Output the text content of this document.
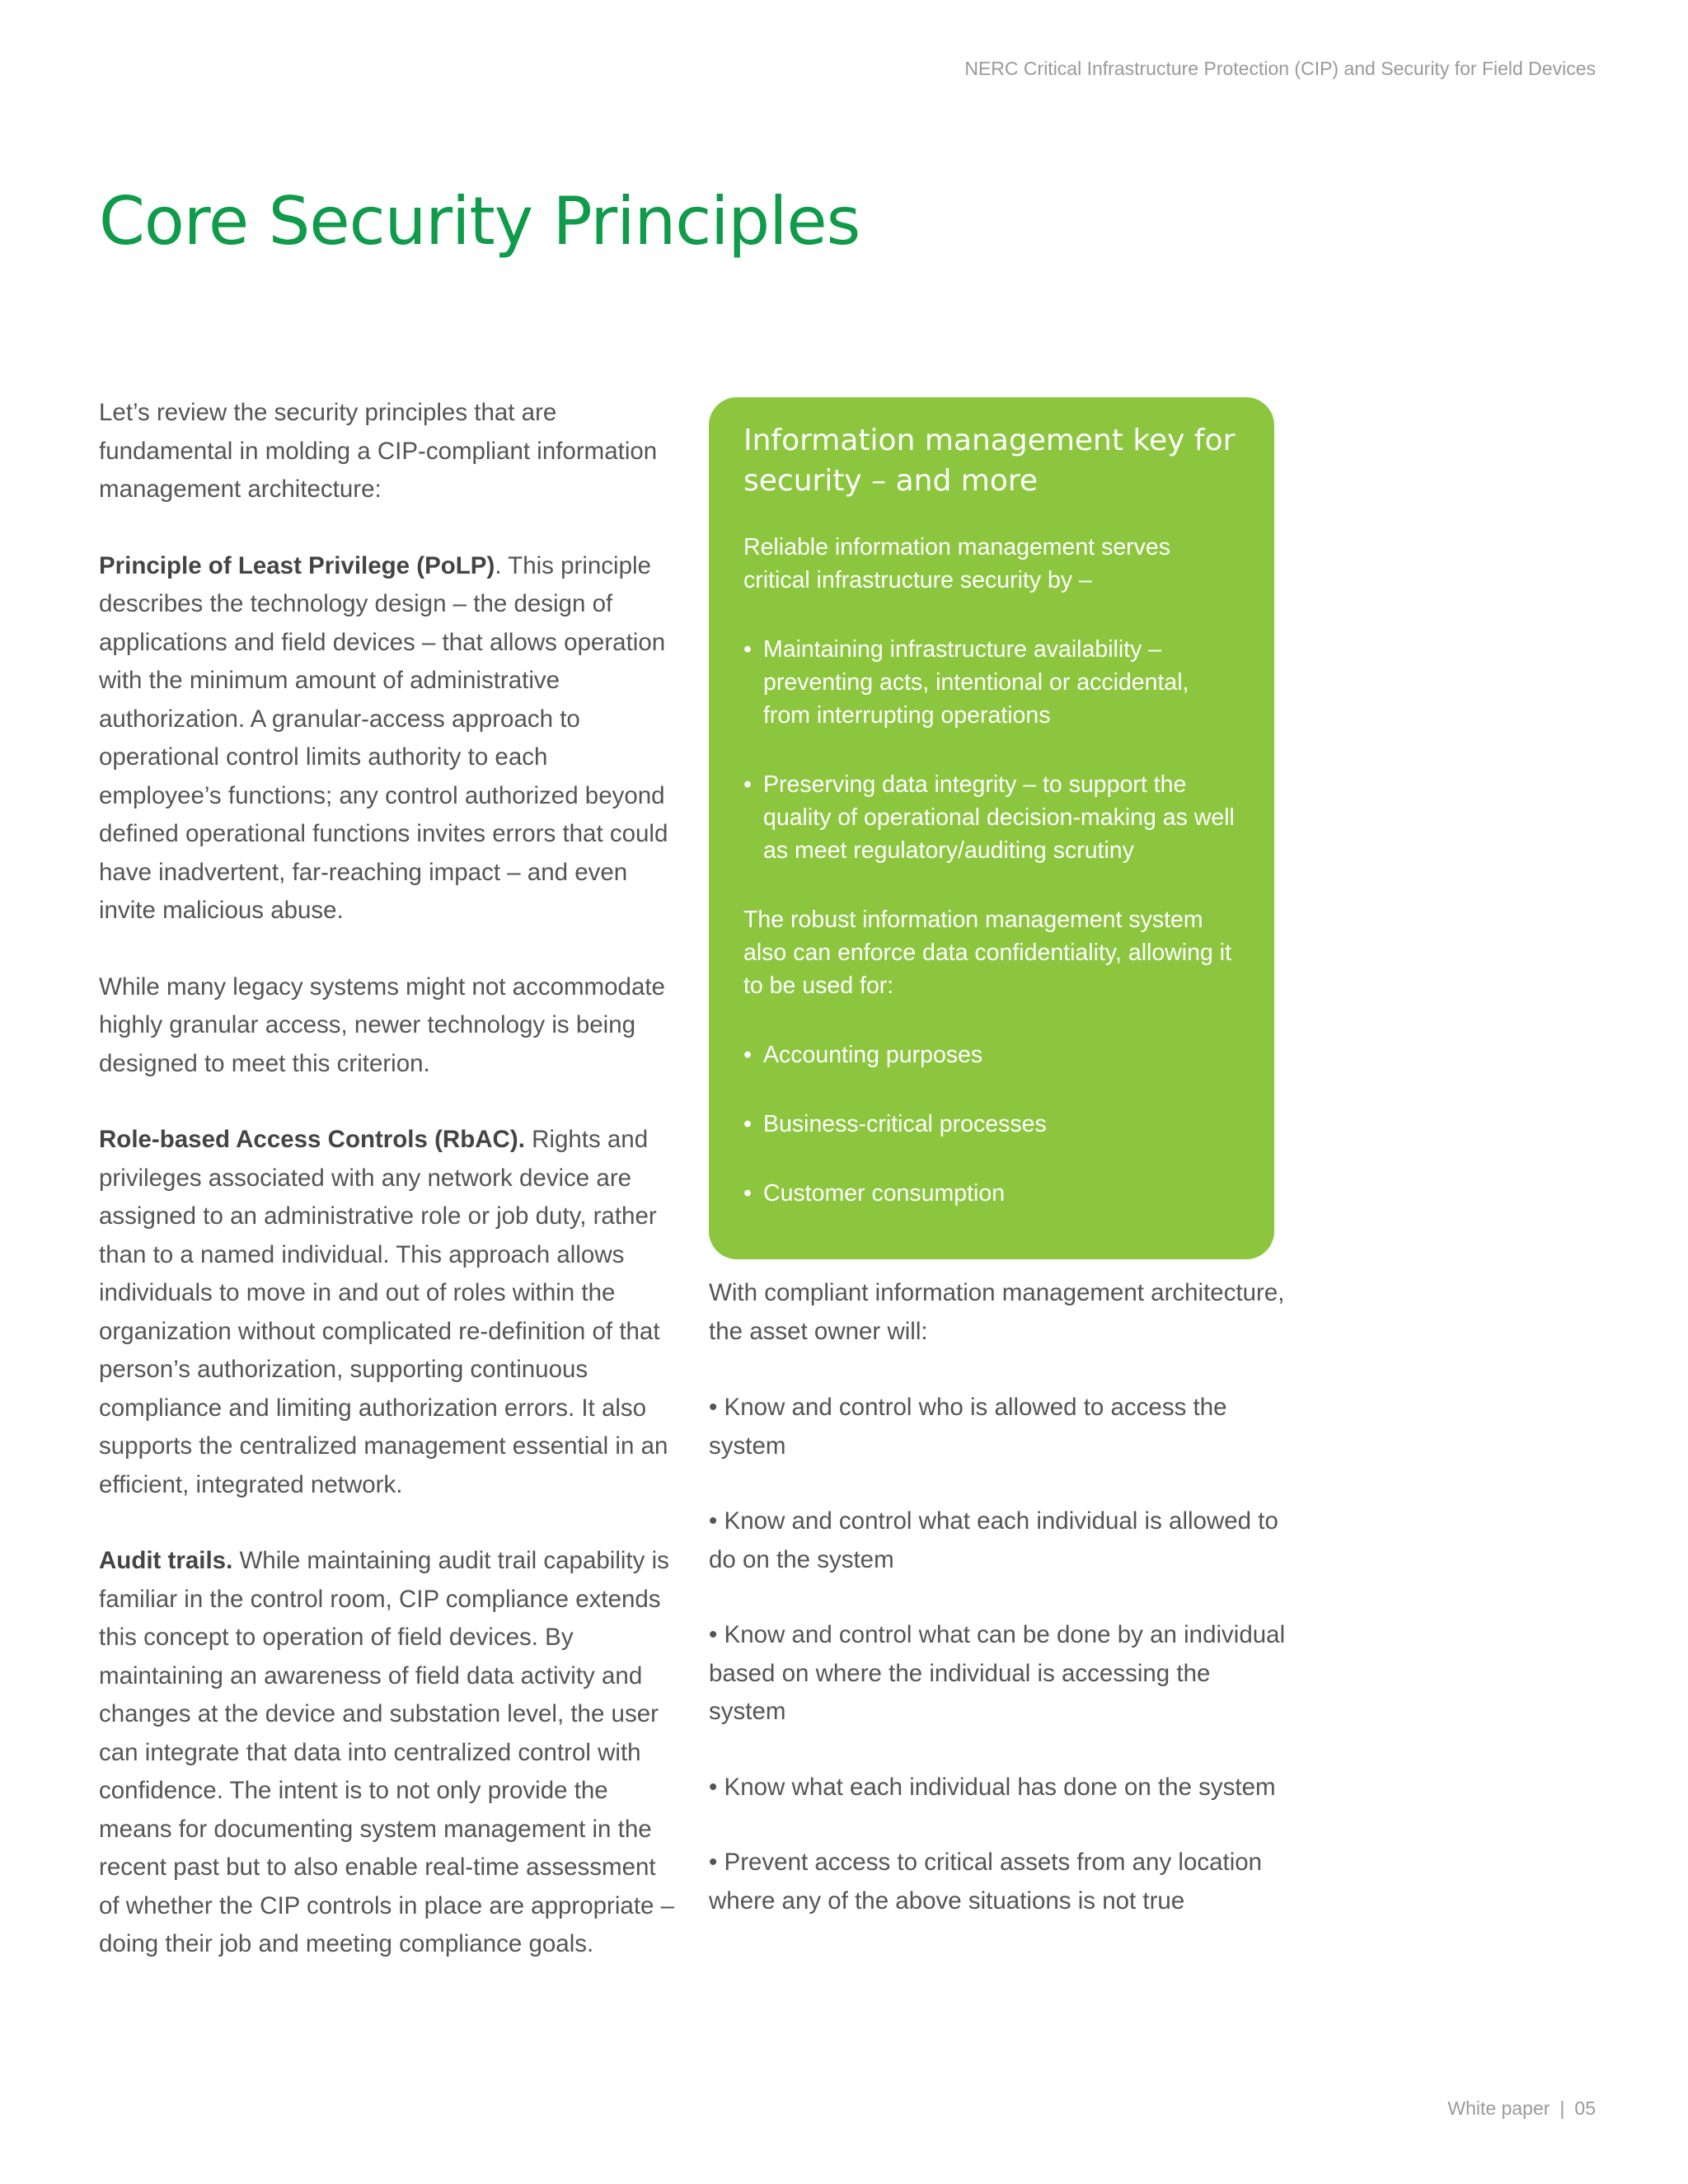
NERC Critical Infrastructure Protection (CIP) and Security for Field Devices
Core Security Principles

Let’s review the security principles that are fundamental in molding a CIP-compliant information management architecture:

Principle of Least Privilege (PoLP). This principle describes the technology design – the design of applications and field devices – that allows operation with the minimum amount of administrative authorization. A granular-access approach to operational control limits authority to each employee’s functions; any control authorized beyond defined operational functions invites errors that could have inadvertent, far-reaching impact – and even invite malicious abuse.

While many legacy systems might not accommodate highly granular access, newer technology is being designed to meet this criterion.

Role-based Access Controls (RbAC). Rights and privileges associated with any network device are assigned to an administrative role or job duty, rather than to a named individual. This approach allows individuals to move in and out of roles within the organization without complicated re-definition of that person’s authorization, supporting continuous compliance and limiting authorization errors. It also supports the centralized management essential in an efficient, integrated network.

Audit trails. While maintaining audit trail capability is familiar in the control room, CIP compliance extends this concept to operation of field devices. By maintaining an awareness of field data activity and changes at the device and substation level, the user can integrate that data into centralized control with confidence. The intent is to not only provide the means for documenting system management in the recent past but to also enable real-time assessment of whether the CIP controls in place are appropriate – doing their job and meeting compliance goals.

Information management key for security – and more

Reliable information management serves critical infrastructure security by –

• Maintaining infrastructure availability – preventing acts, intentional or accidental, from interrupting operations
• Preserving data integrity – to support the quality of operational decision-making as well as meet regulatory/auditing scrutiny

The robust information management system also can enforce data confidentiality, allowing it to be used for:

• Accounting purposes
• Business-critical processes
• Customer consumption

With compliant information management architecture, the asset owner will:

• Know and control who is allowed to access the system
• Know and control what each individual is allowed to do on the system
• Know and control what can be done by an individual based on where the individual is accessing the system
• Know what each individual has done on the system
• Prevent access to critical assets from any location where any of the above situations is not true
White paper | 05
